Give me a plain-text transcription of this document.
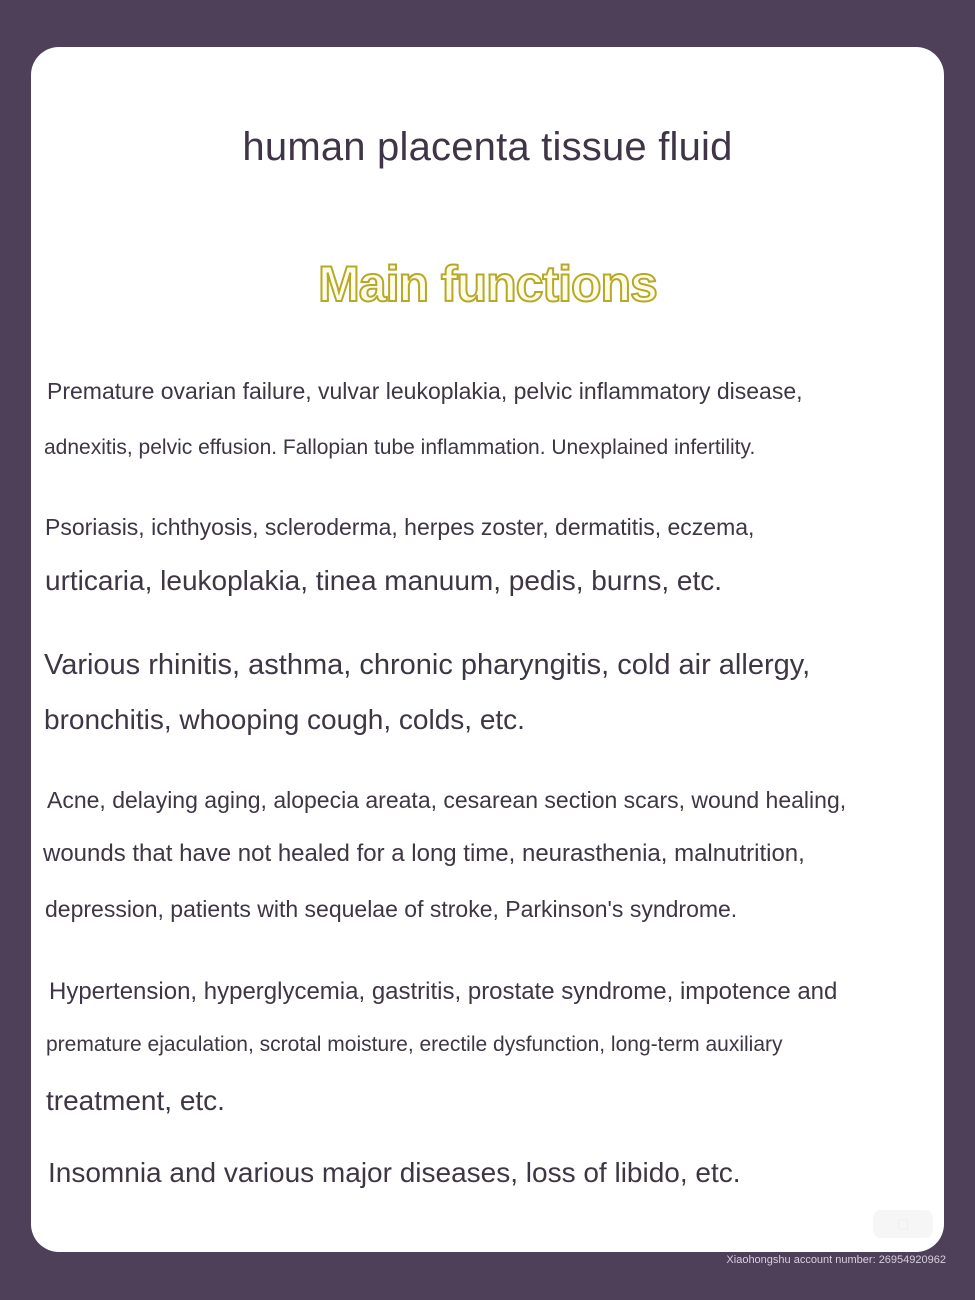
human placenta tissue fluid
Main functions

Premature ovarian failure, vulvar leukoplakia, pelvic inflammatory disease,

adnexitis, pelvic effusion. Fallopian tube inflammation. Unexplained infertility.

Psoriasis, ichthyosis, scleroderma, herpes zoster, dermatitis, eczema,

urticaria, leukoplakia, tinea manuum, pedis, burns, etc.

Various rhinitis, asthma, chronic pharyngitis, cold air allergy,

bronchitis, whooping cough, colds, etc.

Acne, delaying aging, alopecia areata, cesarean section scars, wound healing,

wounds that have not healed for a long time, neurasthenia, malnutrition,

depression, patients with sequelae of stroke, Parkinson's syndrome.

Hypertension, hyperglycemia, gastritis, prostate syndrome, impotence and

premature ejaculation, scrotal moisture, erectile dysfunction, long-term auxiliary

treatment, etc.

Insomnia and various major diseases, loss of libido, etc.

▢
Xiaohongshu account number: 26954920962
